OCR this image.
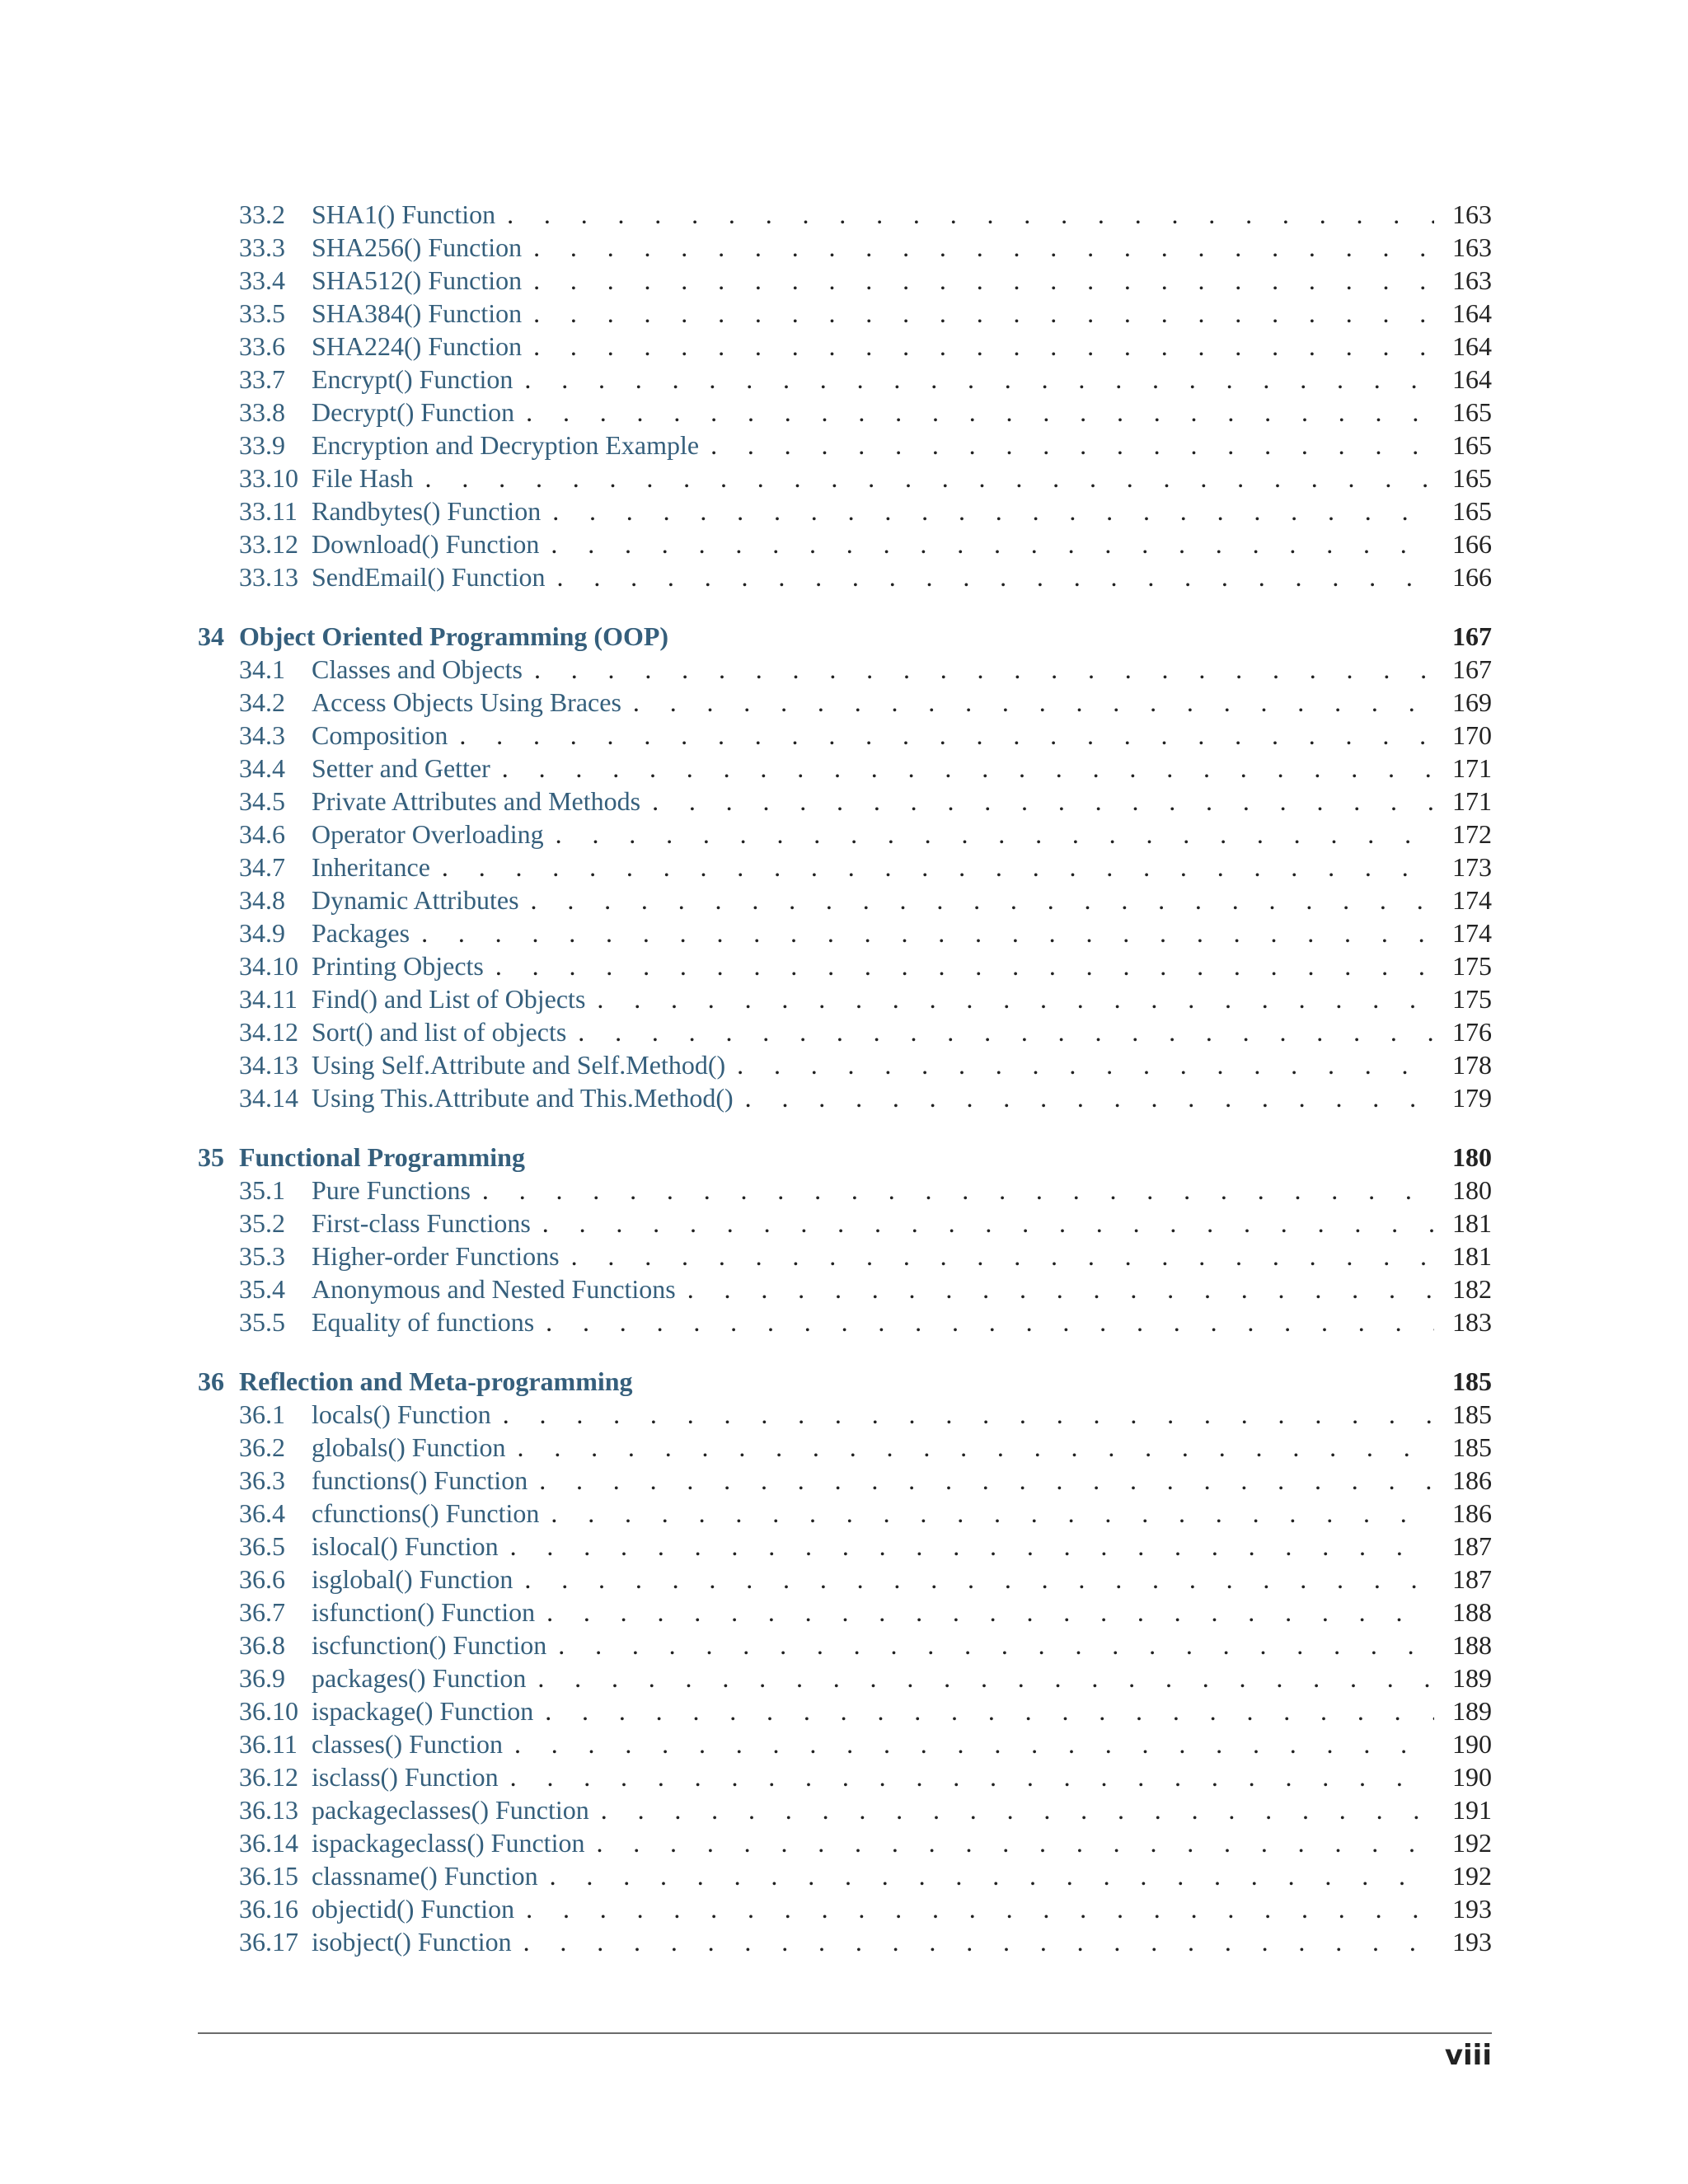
33.2	SHA1() Function . . .	163
33.3	SHA256() Function . . .	163
33.4	SHA512() Function . . .	163
33.5	SHA384() Function . . .	164
33.6	SHA224() Function . . .	164
33.7	Encrypt() Function . . .	164
33.8	Decrypt() Function . . .	165
33.9	Encryption and Decryption Example . . .	165
33.10 File Hash . . .	165
33.11 Randbytes() Function . . .	165
33.12 Download() Function . . .	166
33.13 SendEmail() Function . . .	166
34 Object Oriented Programming (OOP)	167
34.1	Classes and Objects . . .	167
34.2	Access Objects Using Braces . . .	169
34.3	Composition . . .	170
34.4	Setter and Getter . . .	171
34.5	Private Attributes and Methods . . .	171
34.6	Operator Overloading . . .	172
34.7	Inheritance . . .	173
34.8	Dynamic Attributes . . .	174
34.9	Packages . . .	174
34.10 Printing Objects . . .	175
34.11 Find() and List of Objects . . .	175
34.12 Sort() and list of objects . . .	176
34.13 Using Self.Attribute and Self.Method() . . .	178
34.14 Using This.Attribute and This.Method() . . .	179
35 Functional Programming	180
35.1	Pure Functions . . .	180
35.2	First-class Functions . . .	181
35.3	Higher-order Functions . . .	181
35.4	Anonymous and Nested Functions . . .	182
35.5	Equality of functions . . .	183
36 Reflection and Meta-programming	185
36.1	locals() Function . . .	185
36.2	globals() Function . . .	185
36.3	functions() Function . . .	186
36.4	cfunctions() Function . . .	186
36.5	islocal() Function . . .	187
36.6	isglobal() Function . . .	187
36.7	isfunction() Function . . .	188
36.8	iscfunction() Function . . .	188
36.9	packages() Function . . .	189
36.10 ispackage() Function . . .	189
36.11 classes() Function . . .	190
36.12 isclass() Function . . .	190
36.13 packageclasses() Function . . .	191
36.14 ispackageclass() Function . . .	192
36.15 classname() Function . . .	192
36.16 objectid() Function . . .	193
36.17 isobject() Function . . .	193
viii
